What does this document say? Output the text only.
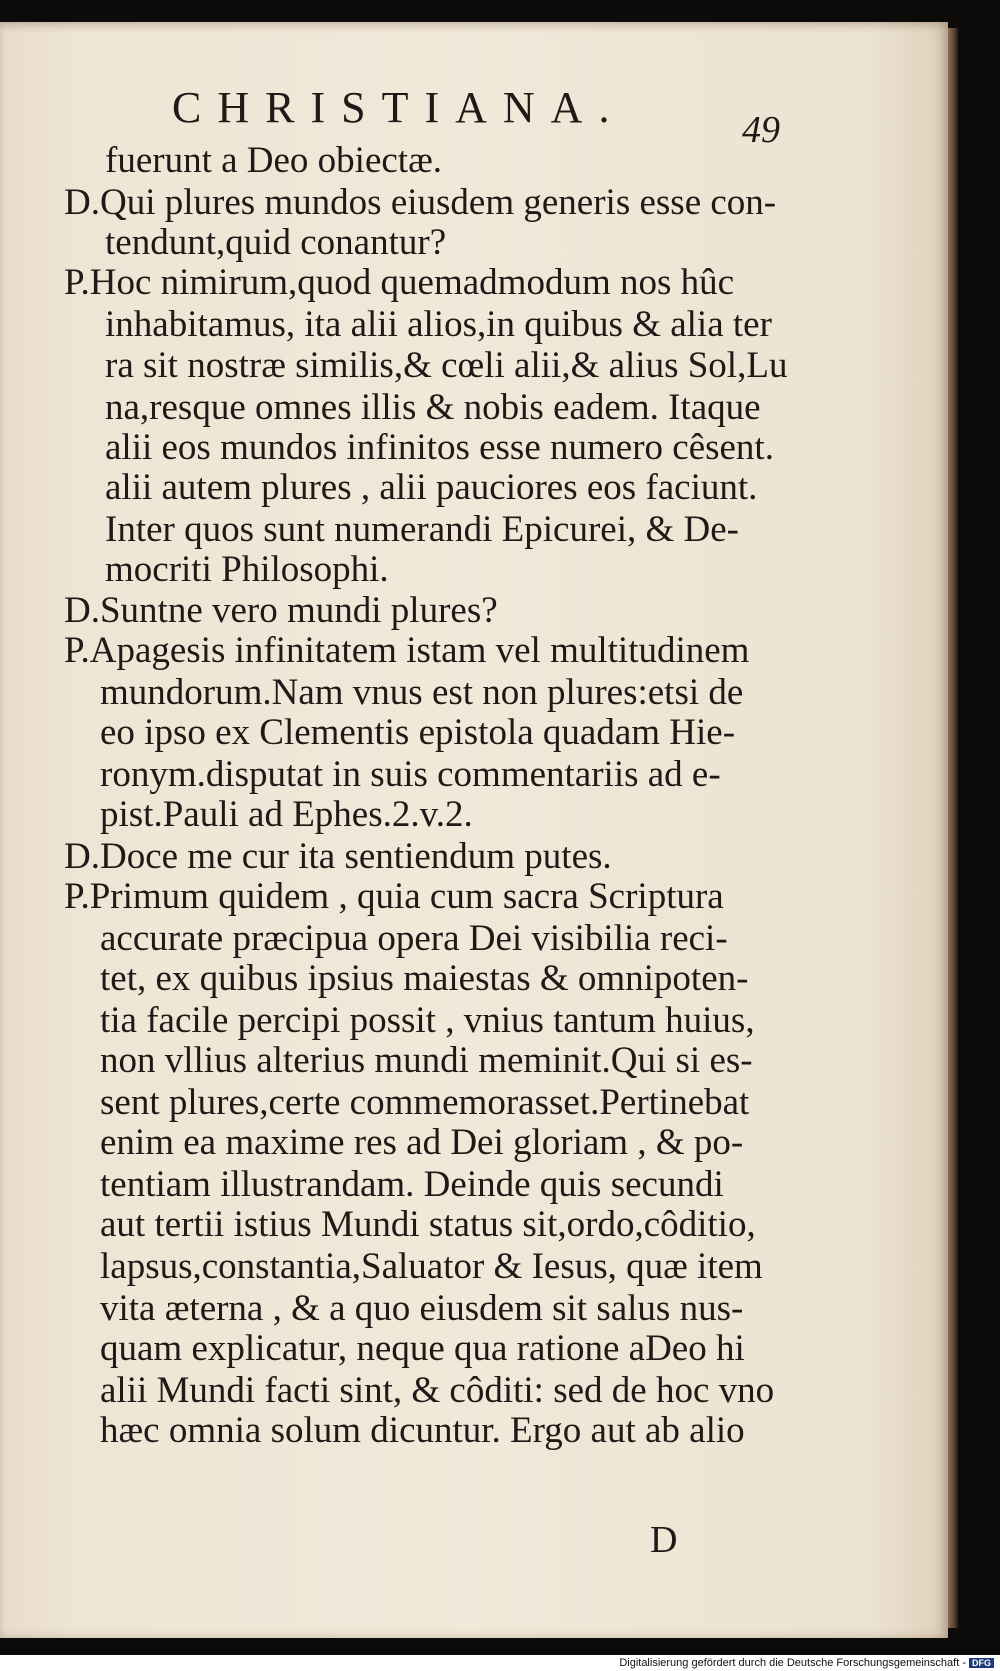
CHRISTIANA.	49
fuerunt a Deo obiectæ.
D.Qui plures mundos eiusdem generis esse con-
tendunt,quid conantur?
P.Hoc nimirum,quod quemadmodum nos hûc
inhabitamus, ita alii alios,in quibus & alia ter
ra sit nostræ similis,& cœli alii,& alius Sol,Lu
na,resque omnes illis & nobis eadem. Itaque
alii eos mundos infinitos esse numero cêsent.
alii autem plures , alii pauciores eos faciunt.
Inter quos sunt numerandi Epicurei, & De-
mocriti Philosophi.
D.Suntne vero mundi plures?
P.Apagesis infinitatem istam vel multitudinem
mundorum.Nam vnus est non plures:etsi de
eo ipso ex Clementis epistola quadam Hie-
ronym.disputat in suis commentariis ad e-
pist.Pauli ad Ephes.2.v.2.
D.Doce me cur ita sentiendum putes.
P.Primum quidem , quia cum sacra Scriptura
accurate præcipua opera Dei visibilia reci-
tet, ex quibus ipsius maiestas & omnipoten-
tia facile percipi possit , vnius tantum huius,
non vllius alterius mundi meminit.Qui si es-
sent plures,certe commemorasset.Pertinebat
enim ea maxime res ad Dei gloriam , & po-
tentiam illustrandam. Deinde quis secundi
aut tertii istius Mundi status sit,ordo,côditio,
lapsus,constantia,Saluator & Iesus, quæ item
vita æterna , & a quo eiusdem sit salus nus-
quam explicatur, neque qua ratione aDeo hi
alii Mundi facti sint, & côditi: sed de hoc vno
hæc omnia solum dicuntur. Ergo aut ab alio
D
Digitalisierung gefördert durch die Deutsche Forschungsgemeinschaft - DFG
